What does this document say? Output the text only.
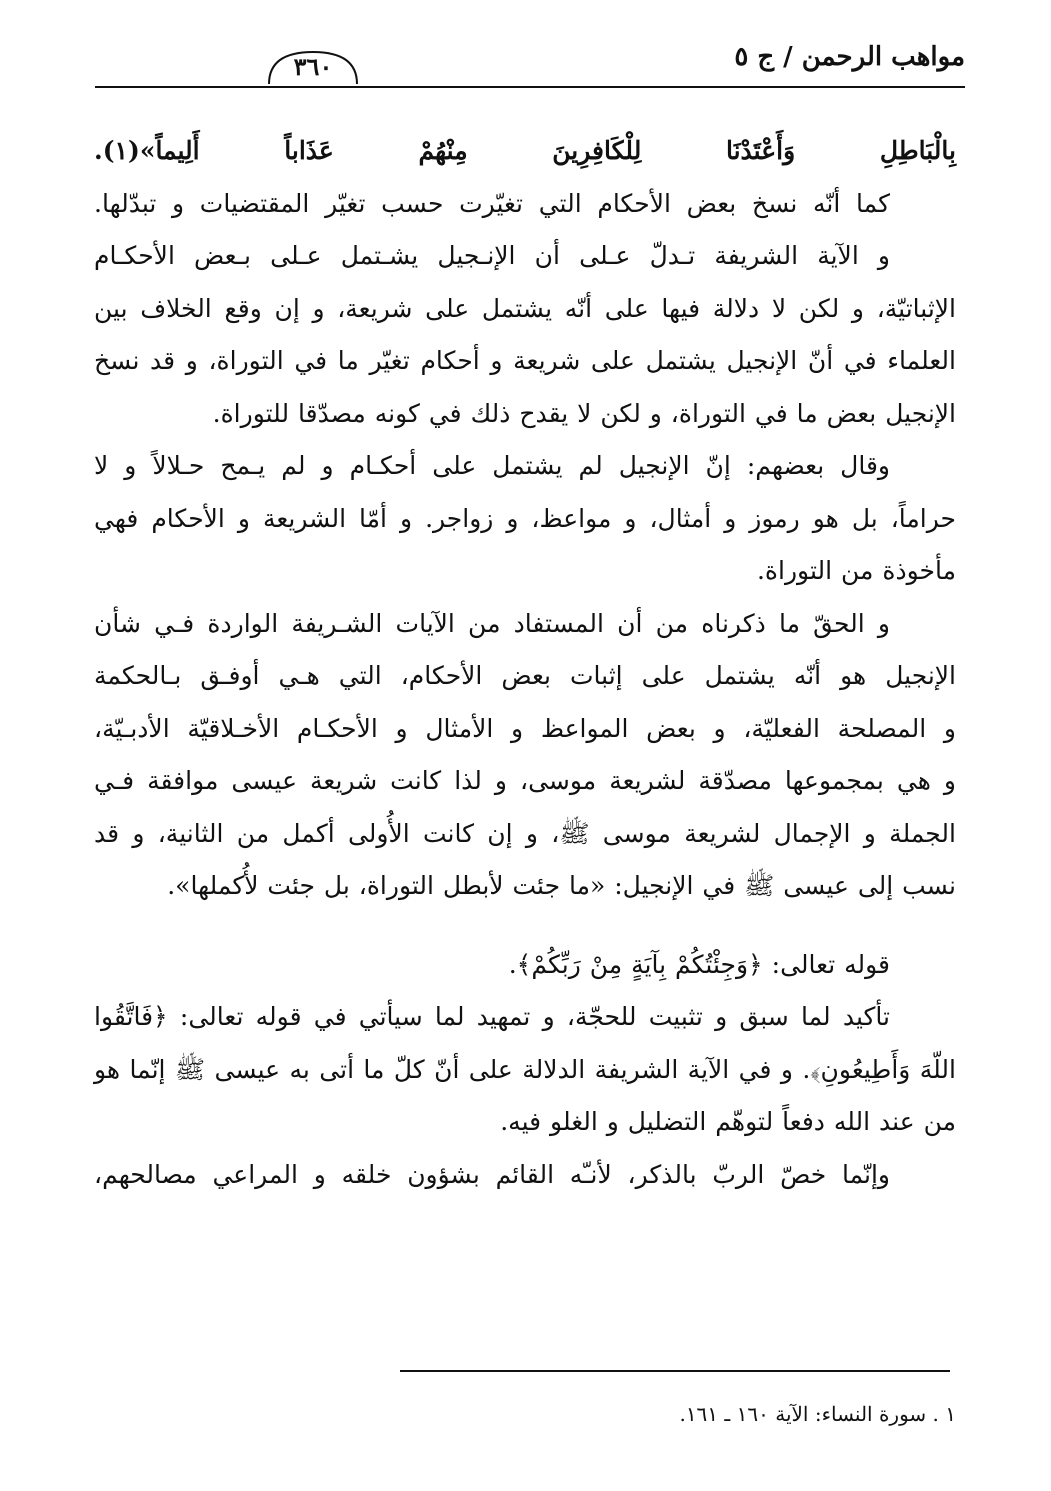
مواهب الرحمن / ج ٥
٣٦٠
بِالْبَاطِلِ وَأَعْتَدْنَا لِلْكَافِرِينَ مِنْهُمْ عَذَاباً أَلِيماً»(١).
كما أنّه نسخ بعض الأحكام التي تغيّرت حسب تغيّر المقتضيات و تبدّلها.
و الآية الشريفة تـدلّ عـلى أن الإنـجيل يشـتمل عـلى بـعض الأحكـام
الإثباتيّة، و لكن لا دلالة فيها على أنّه يشتمل على شريعة، و إن وقع الخلاف بين
العلماء في أنّ الإنجيل يشتمل على شريعة و أحكام تغيّر ما في التوراة، و قد نسخ
الإنجيل بعض ما في التوراة، و لكن لا يقدح ذلك في كونه مصدّقا للتوراة.
وقال بعضهم: إنّ الإنجيل لم يشتمل على أحكـام و لم يـمح حـلالاً و لا
حراماً، بل هو رموز و أمثال، و مواعظ، و زواجر. و أمّا الشريعة و الأحكام فهي
مأخوذة من التوراة.
و الحقّ ما ذكرناه من أن المستفاد من الآيات الشـريفة الواردة فـي شأن
الإنجيل هو أنّه يشتمل على إثبات بعض الأحكام، التي هـي أوفـق بـالحكمة
و المصلحة الفعليّة، و بعض المواعظ و الأمثال و الأحكـام الأخـلاقيّة الأدبـيّة،
و هي بمجموعها مصدّقة لشريعة موسى، و لذا كانت شريعة عيسى موافقة فـي
الجملة و الإجمال لشريعة موسى ﷺ، و إن كانت الأُولى أكمل من الثانية، و قد
نسب إلى عيسى ﷺ في الإنجيل: «ما جئت لأبطل التوراة، بل جئت لأُكملها».
قوله تعالى: ﴿وَجِئْتُكُمْ بِآيَةٍ مِنْ رَبِّكُمْ﴾.
تأكيد لما سبق و تثبيت للحجّة، و تمهيد لما سيأتي في قوله تعالى: ﴿فَاتَّقُوا
اللّهَ وَأَطِيعُونِ﴾. و في الآية الشريفة الدلالة على أنّ كلّ ما أتى به عيسى ﷺ إنّما هو
من عند الله دفعاً لتوهّم التضليل و الغلو فيه.
وإنّما خصّ الربّ بالذكر، لأنـّه القائم بشؤون خلقه و المراعي مصالحهم،
١ . سورة النساء: الآية ١٦٠ ـ ١٦١.
